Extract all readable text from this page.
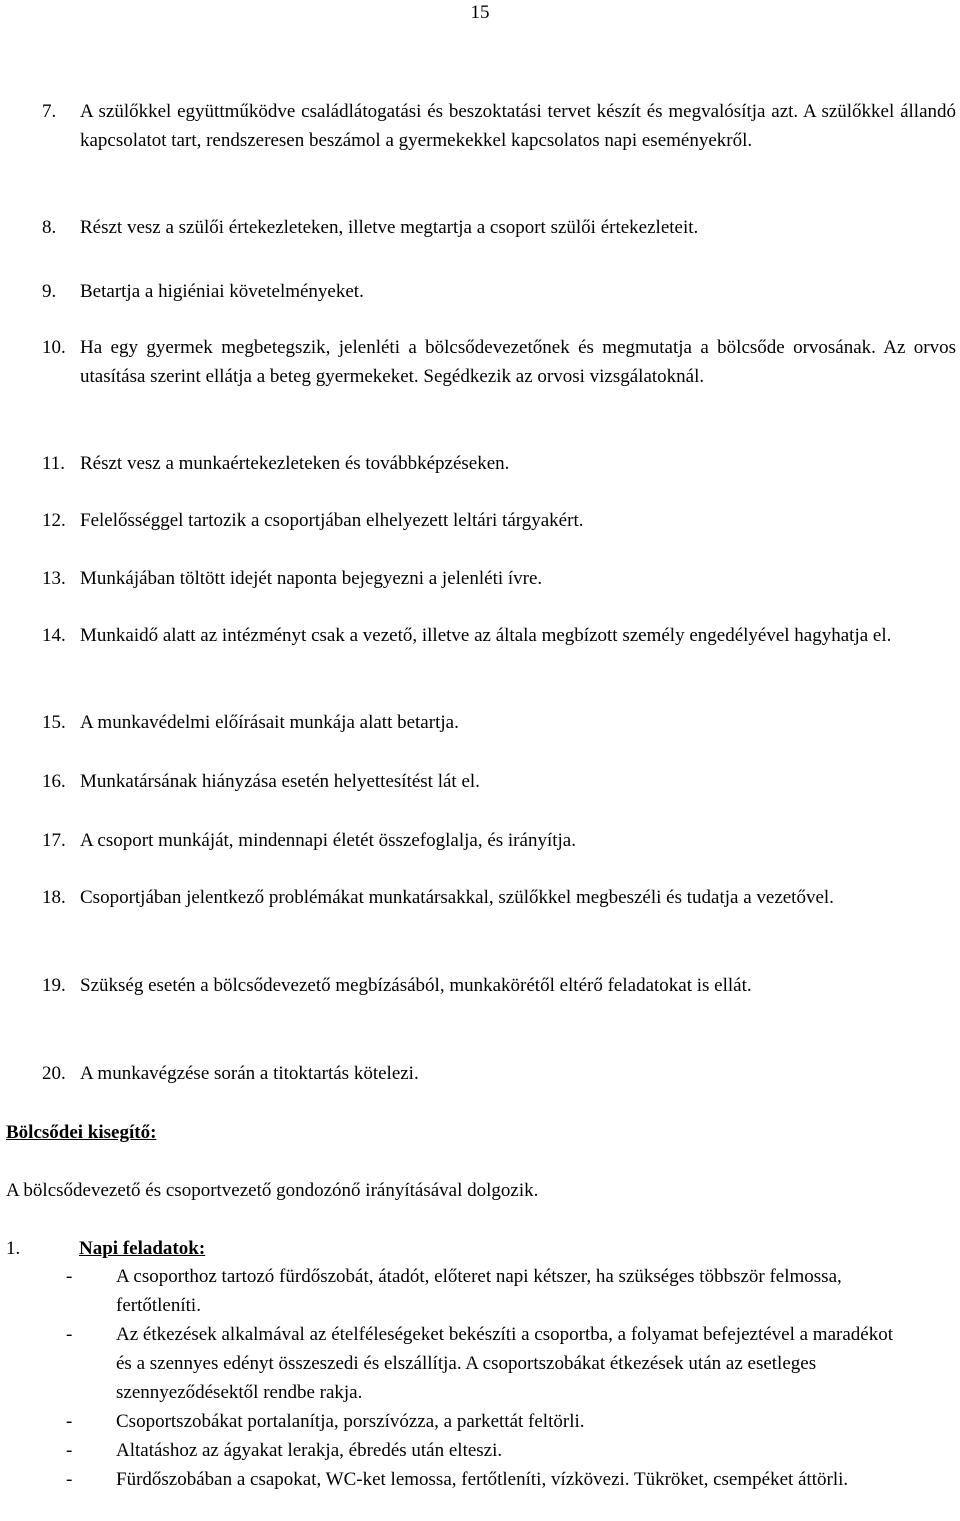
15
7. A szülőkkel együttműködve családlátogatási és beszoktatási tervet készít és megvalósítja azt. A szülőkkel állandó kapcsolatot tart, rendszeresen beszámol a gyermekekkel kapcsolatos napi eseményekről.
8. Részt vesz a szülői értekezleteken, illetve megtartja a csoport szülői értekezleteit.
9. Betartja a higiéniai követelményeket.
10. Ha egy gyermek megbetegszik, jelenléti a bölcsődevezetőnek és megmutatja a bölcsőde orvosának. Az orvos utasítása szerint ellátja a beteg gyermekeket. Segédkezik az orvosi vizsgálatoknál.
11. Részt vesz a munkaértekezleteken és továbbképzéseken.
12. Felelősséggel tartozik a csoportjában elhelyezett leltári tárgyakért.
13. Munkájában töltött idejét naponta bejegyezni a jelenléti ívre.
14. Munkaidő alatt az intézményt csak a vezető, illetve az általa megbízott személy engedélyével hagyhatja el.
15. A munkavédelmi előírásait munkája alatt betartja.
16. Munkatársának hiányzása esetén helyettesítést lát el.
17. A csoport munkáját, mindennapi életét összefoglalja, és irányítja.
18. Csoportjában jelentkező problémákat munkatársakkal, szülőkkel megbeszéli és tudatja a vezetővel.
19. Szükség esetén a bölcsődevezető megbízásából, munkakörétől eltérő feladatokat is ellát.
20. A munkavégzése során a titoktartás kötelezi.
Bölcsődei kisegítő:
A bölcsődevezető és csoportvezető gondozónő irányításával dolgozik.
1.	Napi feladatok:
- A csoporthoz tartozó fürdőszobát, átadót, előteret napi kétszer, ha szükséges többször felmossa, fertőtleníti.
- Az étkezések alkalmával az ételféleségeket bekészíti a csoportba, a folyamat befejeztével a maradékot és a szennyes edényt összeszedi és elszállítja. A csoportszobákat étkezések után az esetleges szennyeződésektől rendbe rakja.
- Csoportszobákat portalanítja, porszívózza, a parkettát feltörli.
- Altatáshoz az ágyakat lerakja, ébredés után elteszi.
- Fürdőszobában a csapokat, WC-ket lemossa, fertőtleníti, vízkövezi. Tükröket, csempéket áttörli.
